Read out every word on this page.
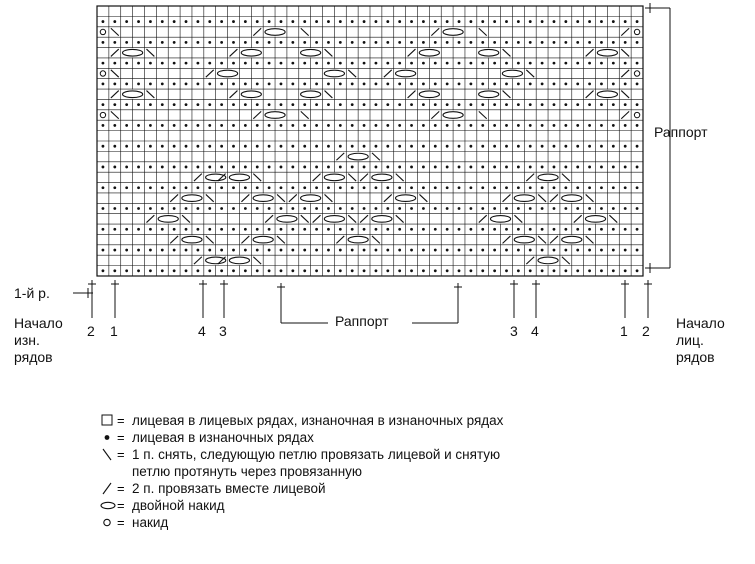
1-й р.
Начало
изн.
рядов
Начало
лиц.
рядов
Раппорт
Раппорт
2 1	4 3	3 4	1 2
= лицевая в лицевых рядах, изнаночная в изнаночных рядах
= лицевая в изнаночных рядах
= 1 п. снять, следующую петлю провязать лицевой и снятую
петлю протянуть через провязанную
= 2 п. провязать вместе лицевой
= двойной накид
= накид
